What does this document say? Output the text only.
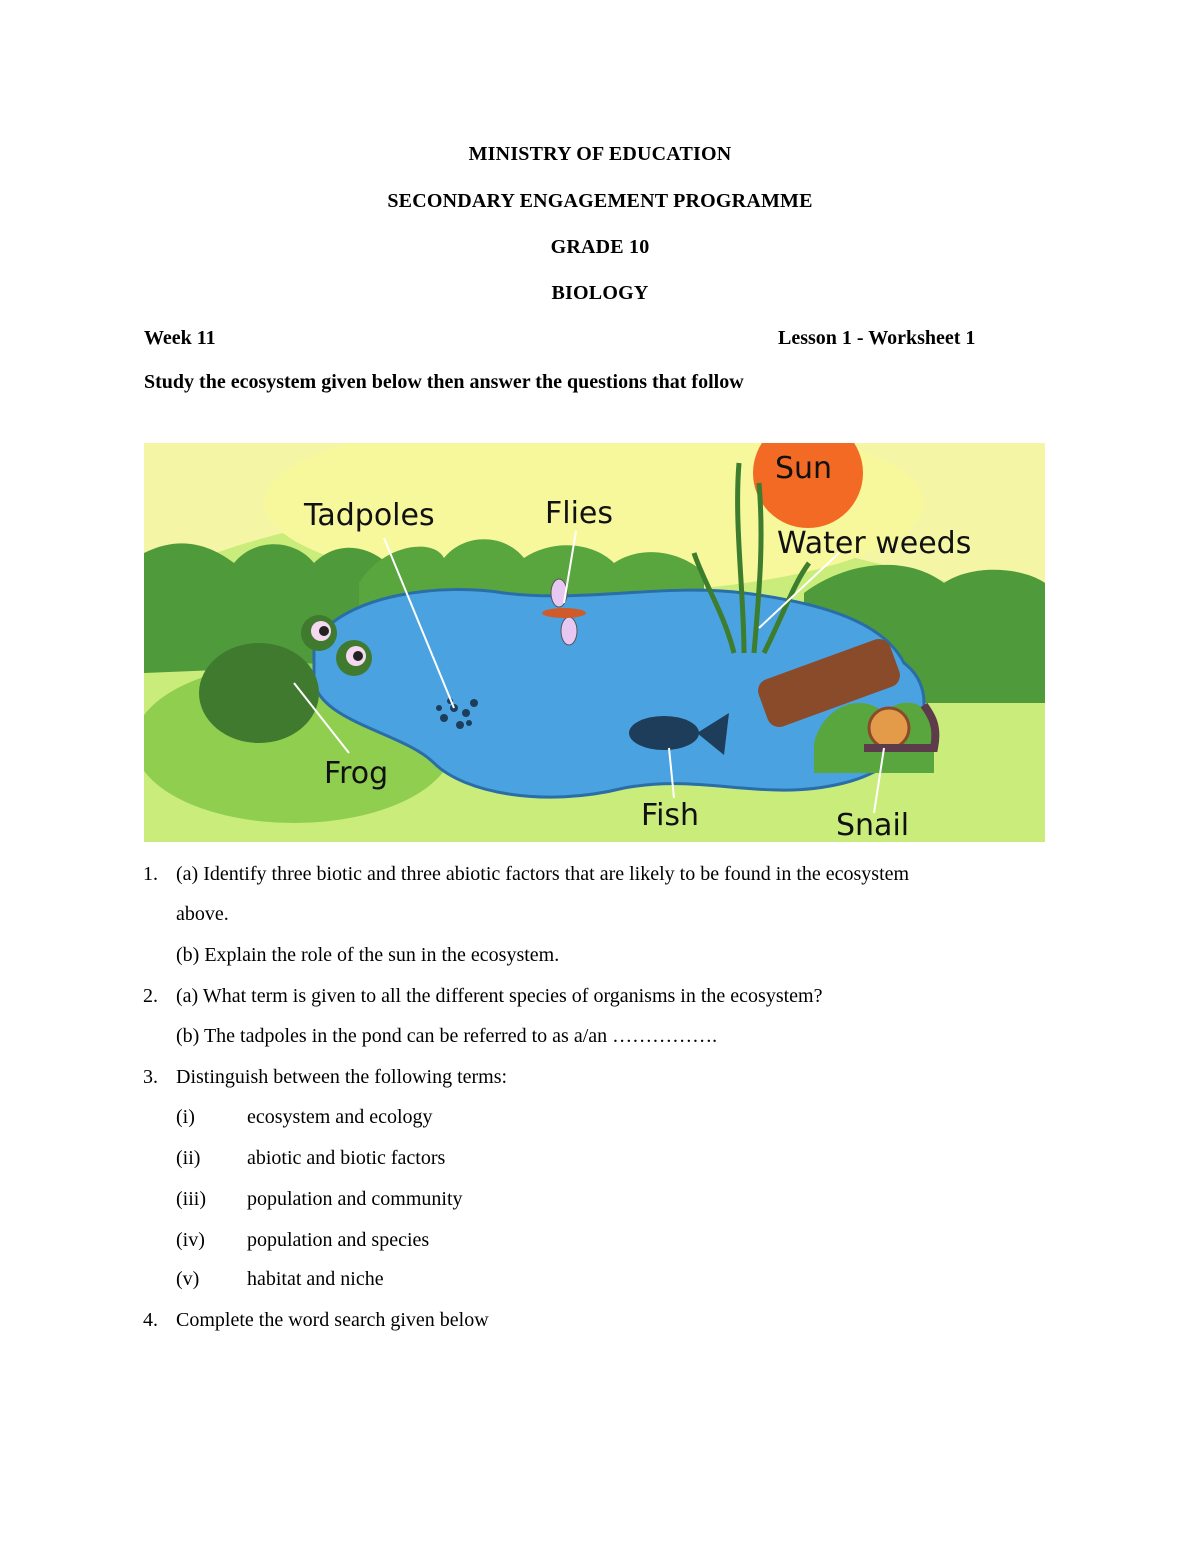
MINISTRY OF EDUCATION
SECONDARY ENGAGEMENT PROGRAMME
GRADE 10
BIOLOGY
Week 11	Lesson 1 - Worksheet 1
Study the ecosystem given below then answer the questions that follow
Tadpoles	Flies
Sun
Water weeds
Frog
Fish	Snail
1. (a) Identify three biotic and three abiotic factors that are likely to be found in the ecosystem
above.
(b) Explain the role of the sun in the ecosystem.
2. (a) What term is given to all the different species of organisms in the ecosystem?
(b) The tadpoles in the pond can be referred to as a/an …………….
3. Distinguish between the following terms:
(i)	ecosystem and ecology
(ii) abiotic and biotic factors
(iii) population and community
(iv) population and species
(v) habitat and niche
4. Complete the word search given below
